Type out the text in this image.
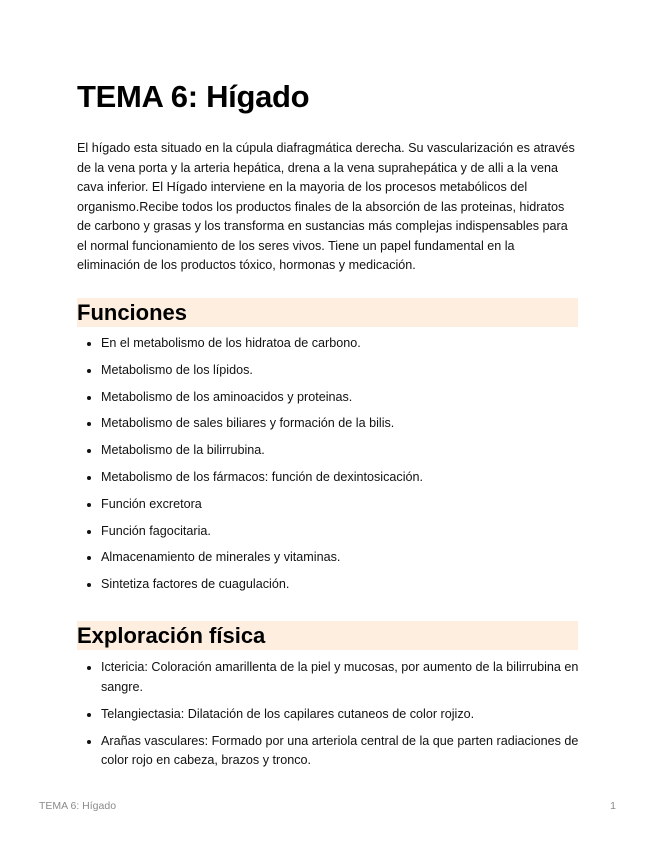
TEMA 6: Hígado

El hígado esta situado en la cúpula diafragmática derecha. Su vascularización es através de la vena porta y la arteria hepática, drena a la vena suprahepática y de alli a la vena cava inferior. El Hígado interviene en la mayoria de los procesos metabólicos del organismo.Recibe todos los productos finales de la absorción de las proteinas, hidratos de carbono y grasas y los transforma en sustancias más complejas indispensables para el normal funcionamiento de los seres vivos. Tiene un papel fundamental en la eliminación de los productos tóxico, hormonas y medicación.

Funciones
En el metabolismo de los hidratoa de carbono.
Metabolismo de los lípidos.
Metabolismo de los aminoacidos y proteinas.
Metabolismo de sales biliares y formación de la bilis.
Metabolismo de la bilirrubina.
Metabolismo de los fármacos: función de dexintosicación.
Función excretora
Función fagocitaria.
Almacenamiento de minerales y vitaminas.
Sintetiza factores de cuagulación.
Exploración física
Ictericia: Coloración amarillenta de la piel y mucosas, por aumento de la bilirrubina en sangre.
Telangiectasia: Dilatación de los capilares cutaneos de color rojizo.
Arañas vasculares: Formado por una arteriola central de la que parten radiaciones de color rojo en cabeza, brazos y tronco.
TEMA 6: Hígado	1
